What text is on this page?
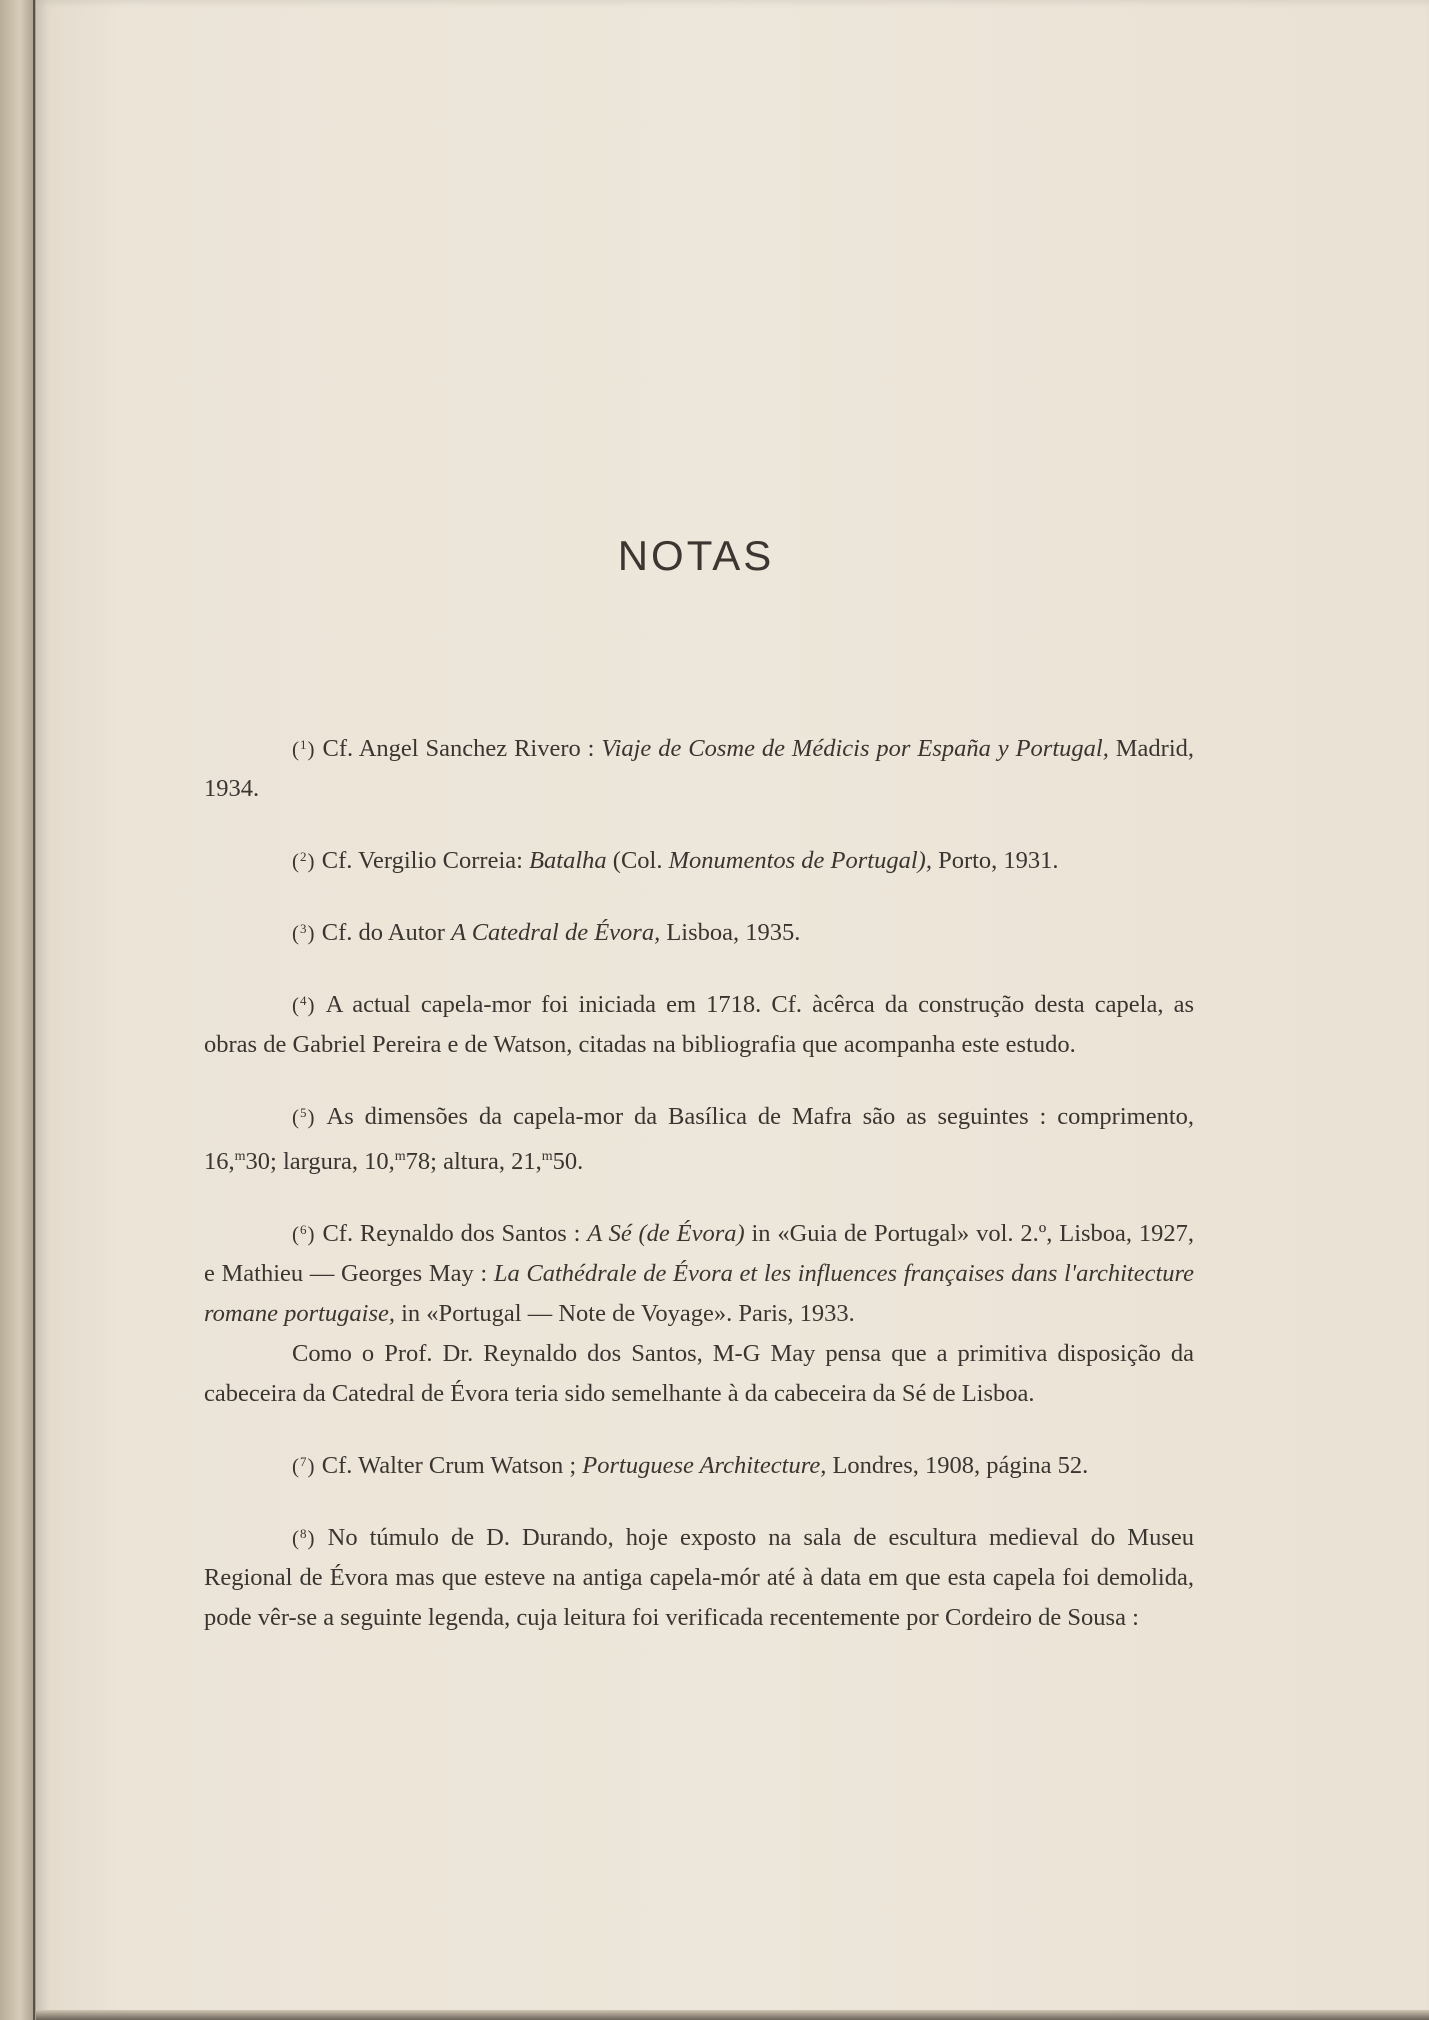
NOTAS

($^1$) Cf. Angel Sanchez Rivero : Viaje de Cosme de Médicis por España y Portugal, Madrid, 1934.

($^2$) Cf. Vergilio Correia: Batalha (Col. Monumentos de Portugal), Porto, 1931.

($^3$) Cf. do Autor A Catedral de Évora, Lisboa, 1935.

($^4$) A actual capela-mor foi iniciada em 1718. Cf. àcêrca da construção desta capela, as obras de Gabriel Pereira e de Watson, citadas na bibliografia que acompanha este estudo.

($^5$) As dimensões da capela-mor da Basílica de Mafra são as seguintes : comprimento, 16,$^m$30; largura, 10,$^m$78; altura, 21,$^m$50.

($^6$) Cf. Reynaldo dos Santos : A Sé (de Évora) in «Guia de Portugal» vol. 2.º, Lisboa, 1927, e Mathieu — Georges May : La Cathédrale de Évora et les influences françaises dans l'architecture romane portugaise, in «Portugal — Note de Voyage». Paris, 1933.

Como o Prof. Dr. Reynaldo dos Santos, M-G May pensa que a primitiva disposição da cabeceira da Catedral de Évora teria sido semelhante à da cabeceira da Sé de Lisboa.

($^7$) Cf. Walter Crum Watson ; Portuguese Architecture, Londres, 1908, página 52.

($^8$) No túmulo de D. Durando, hoje exposto na sala de escultura medieval do Museu Regional de Évora mas que esteve na antiga capela-mór até à data em que esta capela foi demolida, pode vêr-se a seguinte legenda, cuja leitura foi verificada recentemente por Cordeiro de Sousa :
